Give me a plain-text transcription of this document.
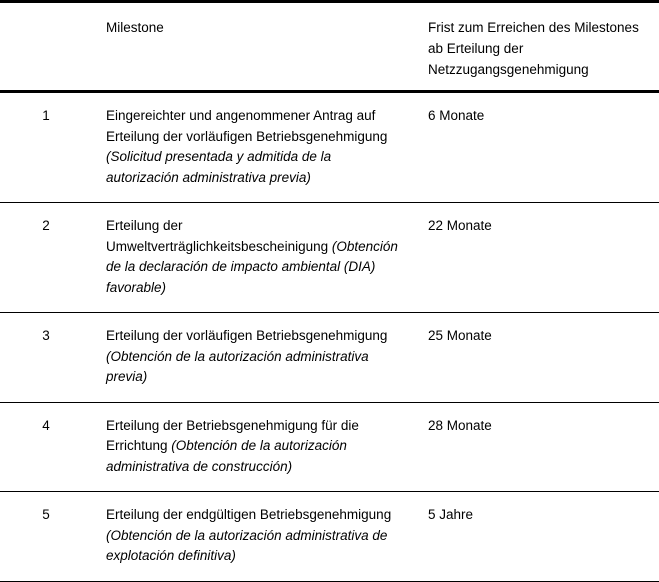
	Milestone	Frist zum Erreichen des Milestones
ab Erteilung der
Netzzugangsgenehmigung

1	Eingereichter und angenommener Antrag auf Erteilung der vorläufigen Betriebsgenehmigung (Solicitud presentada y admitida de la autorización administrativa previa)	6 Monate

2	Erteilung der Umweltverträglichkeitsbescheinigung (Obtención de la declaración de impacto ambiental (DIA) favorable)	22 Monate

3	Erteilung der vorläufigen Betriebsgenehmigung (Obtención de la autorización administrativa previa)	25 Monate

4	Erteilung der Betriebsgenehmigung für die Errichtung (Obtención de la autorización administrativa de construcción)	28 Monate

5	Erteilung der endgültigen Betriebsgenehmigung (Obtención de la autorización administrativa de explotación definitiva)	5 Jahre
